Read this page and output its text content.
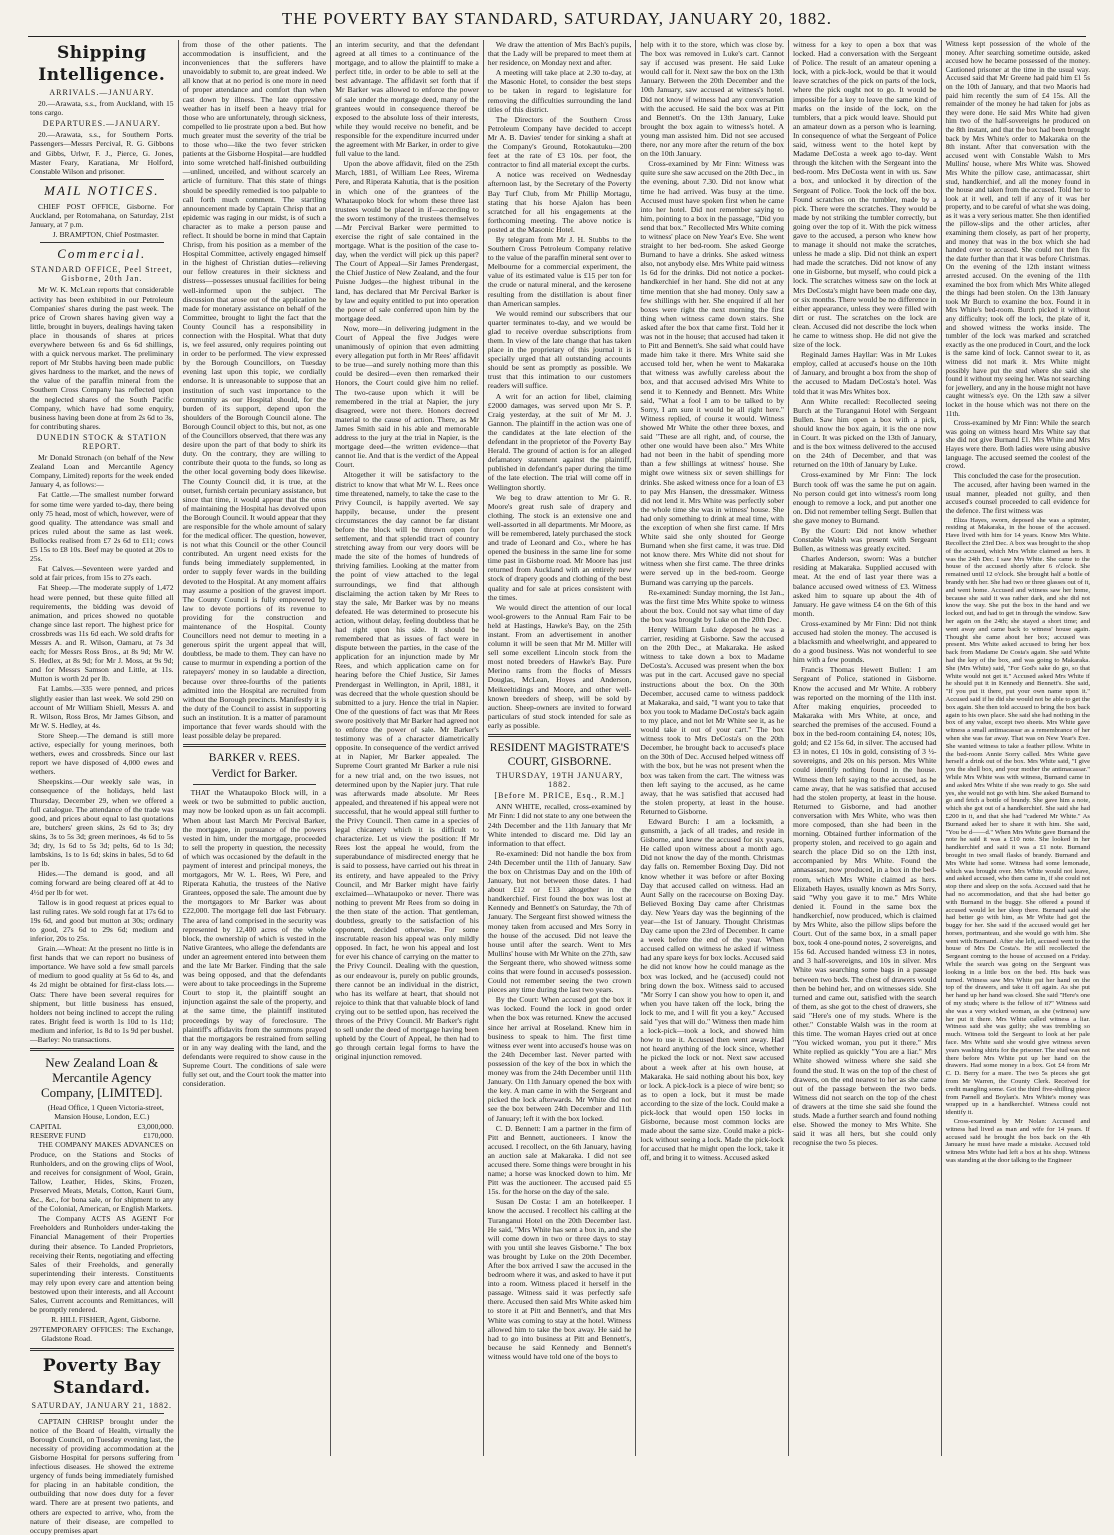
THE POVERTY BAY STANDARD, SATURDAY, JANUARY 20, 1882.
Shipping Intelligence.
ARRIVALS.—JANUARY.

20.—Arawata, s.s., from Auckland, with 15 tons cargo.

DEPARTURES.—JANUARY.

20.—Arawata, s.s., for Southern Ports. Passengers—Messrs Percival, R. G. Gibbons and Gibbs, Urlwr, F. J., Pierce, G. Jones, Master Feary, Karatiana, Mr Holford, Constable Wilson and prisoner.

MAIL NOTICES.

CHIEF POST OFFICE, Gisborne. For Auckland, per Rotomahana, on Saturday, 21st January, at 7 p.m.

J. BRAMPTON, Chief Postmaster.

Commercial.
STANDARD OFFICE, Peel Street, Gisborne, 20th Jan.

Mr W. K. McLean reports that considerable activity has been exhibited in our Petroleum Companies' shares during the past week. The price of Crown shares having given way a little, brought in buyers, dealings having taken place in thousands of shares at prices everywhere between 6s and 6s 6d shillings, with a quick nervous market. The preliminary report of Mr Stubbs having been made public gives hardness to the market, and the news of the value of the paraffin mineral from the Southern Cross Company has reflected upon the neglected shares of the South Pacific Company, which have had some enquiry, business having been done at from 2s 6d to 3s, for contributing shares.

DUNEDIN STOCK & STATION REPORT.

Mr Donald Stronach (on behalf of the New Zealand Loan and Mercantile Agency Company, Limited) reports for the week ended January 4, as follows:—

Fat Cattle.—The smallest number forward for some time were yarded to-day, there being only 75 head, most of which, however, were of good quality. The attendance was small and prices ruled about the same as last week. Bullocks realised from £7 2s 6d to £11; cows £5 15s to £8 10s. Beef may be quoted at 20s to 25s.

Fat Calves.—Seventeen were yarded and sold at fair prices, from 15s to 27s each.

Fat Sheep.—The moderate supply of 1,472 head were penned, but these quite filled all requirements, the bidding was devoid of animation, and prices showed no quotable change since last report. The highest price for crossbreds was 11s 6d each. We sold drafts for Messrs A. and R. Wilson, Oamaru, at 7s 3d each; for Messrs Ross Bros., at 8s 9d; Mr W. S. Hedlex, at 8s 9d; for Mr J. Moss, at 9s 9d; and for Messrs Samson and Little, at 11s. Mutton is worth 2d per lb.

Fat Lambs.—335 were penned, and prices slightly easier than last week. We sold 290 on account of Mr William Shiell, Messrs A. and R. Wilson, Ross Bros, Mr James Gibson, and Mr W. S. Hedley, at 4s.

Store Sheep.—The demand is still more active, especially for young merinoes, both wethers, ewes and crossbreds. Since our last report we have disposed of 4,000 ewes and wethers.

Sheepskins.—Our weekly sale was, in consequence of the holidays, held last Thursday, December 29, when we offered a full catalogue. The attendance of the trade was good, and prices about equal to last quotations are, butchers' green skins, 2s 6d to 3s; dry skins, 3s to 5s 3d; green merinoes, 4s 6d to 5s 3d; dry, 1s 6d to 5s 3d; pelts, 6d to 1s 3d; lambskins, 1s to 1s 6d; skins in bales, 5d to 6d per lb.

Hides.—The demand is good, and all coming forward are being cleared off at 4d to 4½d per lb for wet.

Tallow is in good request at prices equal to last ruling rates. We sold rough fat at 17s 6d to 19s 6d, and good but mutton at 30s; ordinary to good, 27s 6d to 29s 6d; medium and inferior, 20s to 25s.

Grain.—Wheat: At the present no little is in first hands that we can report no business of importance. We have sold a few small parcels of medium to good quality at 5s 6d to 4s, and 4s 2d might be obtained for first-class lots.—Oats: There have been several requires for shipment, but little business has ensued, holders not being inclined to accept the ruling rates. Bright feed is worth 1s 10d to 1s 11d; medium and inferior, 1s 8d to 1s 9d per bushel.—Barley: No transactions.

New Zealand Loan & Mercantile Agency Company, [LIMITED].

(Head Office, 1 Queen Victoria-street, Mansion House, London, E.C.)

CAPITAL	£3,000,000.
RESERVE FUND	£170,000.

THE COMPANY MAKES ADVANCES on Produce, on the Stations and Stocks of Runholders, and on the growing clips of Wool, and receives for consignment of Wool, Grain, Tallow, Leather, Hides, Skins, Frozen, Preserved Meats, Metals, Cotton, Kauri Gum, &c., &c., for bona sale, or for shipment to any of the Colonial, American, or English Markets.

The Company ACTS AS AGENT For Freeholders and Runholders under-taking the Financial Management of their Properties during their absence. To Landed Proprietors, receiving their Rents, negotiating and effecting Sales of their Freeholds, and generally superintending their interests. Constituents may rely upon every care and attention being bestowed upon their interests, and all Account Sales, Current accounts and Remittances, will be promptly rendered.

R. HILL FISHER, Agent, Gisborne.

297 TEMPORARY OFFICES: The Exchange, Gladstone Road.
Poverty Bay Standard.
SATURDAY, JANUARY 21, 1882.

CAPTAIN CHRISP brought under the notice of the Board of Health, virtually the Borough Council, on Tuesday evening last, the necessity of providing accommodation at the Gisborne Hospital for persons suffering from infectious diseases. He showed the extreme urgency of funds being immediately furnished for placing in an habitable condition, the outbuilding that now does duty for a fever ward. There are at present two patients, and others are expected to arrive, who, from the nature of their disease, are compelled to occupy premises apart

from those of the other patients. The accommodation is insufficient, and the inconveniences that the sufferers have unavoidably to submit to, are great indeed. We all know that at no period is one more in need of proper attendance and comfort than when cast down by illness. The late oppressive weather has in itself been a heavy trial for those who are unfortunately, through sickness, compelled to lie prostrate upon a bed. But how much greater must the severity of the trial be to those who—like the two fever stricken patients at the Gisborne Hospital—are huddled into some wretched half-finished outbuilding—unlined, unceiled, and without scarcely an article of furniture. That this state of things should be speedily remedied is too palpable to call forth much comment. The startling announcement made by Captain Chrisp that an epidemic was raging in our midst, is of such a character as to make a person pause and reflect. It should be borne in mind that Captain Chrisp, from his position as a member of the Hospital Committee, actively engaged himself in the highest of Christian duties—relieving our fellow creatures in their sickness and distress—possesses unusual facilities for being well-informed upon the subject. The discussion that arose out of the application he made for monetary assistance on behalf of the Committee, brought to light the fact that the County Council has a responsibility in connection with the Hospital. What that duty is, we feel assured, only requires pointing out in order to be performed. The view expressed by the Borough Councillors, on Tuesday evening last upon this topic, we cordially endorse. It is unreasonable to suppose that an institution of such vast importance to the community as our Hospital should, for the burden of its support, depend upon the shoulders of the Borough Council alone. The Borough Council object to this, but not, as one of the Councillors observed, that there was any desire upon the part of that body to shirk its duty. On the contrary, they are willing to contribute their quota to the funds, so long as the other local governing body does likewise. The County Council did, it is true, at the outset, furnish certain pecuniary assistance, but since that time, it would appear that the onus of maintaining the Hospital has devolved upon the Borough Council. It would appear that they are responsible for the whole amount of salary for the medical officer. The question, however, is not what this Council or the other Council contributed. An urgent need exists for the funds being immediately supplemented, in order to supply fever wards in the building devoted to the Hospital. At any moment affairs may assume a position of the gravest import. The County Council is fully empowered by law to devote portions of its revenue to providing for the construction and maintenance of the Hospital. County Councillors need not demur to meeting in a generous spirit the urgent appeal that will, doubtless, be made to them. They can have no cause to murmur in expending a portion of the ratepayers' money in so laudable a direction, because over three-fourths of the patients admitted into the Hospital are recruited from without the Borough precincts. Manifestly it is the duty of the Council to assist in supporting such an institution. It is a matter of paramount importance that fever wards should with the least possible delay be prepared.

BARKER v. REES.
Verdict for Barker.

THAT the Whataupoko Block will, in a week or two be submitted to public auction, may now be looked upon as un fait accompli. When about last March Mr Percival Barker, the mortgagee, in pursuance of the powers vested in him, under the mortgage, proceeded to sell the property in question, the necessity of which was occasioned by the default in the payment of interest and principal moneys, the mortgagors, Mr W. L. Rees, Wi Pere, and Riperata Kahutia, the trustees of the Native Grantees, opposed the sale. The amount due by the mortgagors to Mr Barker was about £22,000. The mortgage fell due last February. The area of land comprised in the security was represented by 12,400 acres of the whole block, the ownership of which is vested in the Native Grantees, who allege the defendants are under an agreement entered into between them and the late Mr Barker. Finding that the sale was being opposed, and that the defendants were about to take proceedings in the Supreme Court to stop it, the plaintiff sought an injunction against the sale of the property, and at the same time, the plaintiff instituted proceedings by way of foreclosure. The plaintiff's affidavits from the summons prayed that the mortgagors be restrained from selling or in any way dealing with the land, and the defendants were required to show cause in the Supreme Court. The conditions of sale were fully set out, and the Court took the matter into consideration.

an interim security, and that the defendant agreed at all times to a continuance of the mortgage, and to allow the plaintiff to make a perfect title, in order to be able to sell at the best advantage. The affidavit set forth that if Mr Barker was allowed to enforce the power of sale under the mortgage deed, many of the grantees would in consequence thereof be exposed to the absolute loss of their interests, while they would receive no benefit, and be responsible for the expenditure incurred under the agreement with Mr Barker, in order to give full value to the land.

Upon the above affidavit, filed on the 25th March, 1881, of William Lee Rees, Wirema Pere, and Riperata Kahutia, that is the position in which one of the grantees of the Whataupoko block for whom these three last trustees would be placed in if—according to the sworn testimony of the trustees themselves—Mr Percival Barker were permitted to exercise the right of sale contained in the mortgage. What is the position of the case to-day, when the verdict will pick up this paper? The Court of Appeal—Sir James Prendergast, the Chief Justice of New Zealand, and the four Puisne Judges—the highest tribunal in the land, has declared that Mr Percival Barker is by law and equity entitled to put into operation the power of sale conferred upon him by the mortgage deed.

Now, more—in delivering judgment in the Court of Appeal the five Judges were unanimously of opinion that even admitting every allegation put forth in Mr Rees' affidavit to be true—and surely nothing more than this could be desired—even then remarked their Honors, the Court could give him no relief. The two-cause upon which it will be remembered in the trial at Napier, the jury disagreed, were not there. Honors decreed material to the cause of action. There, as Mr James Smith said in his able and memorable address to the jury at the trial in Napier, is the mortgage deed—the written evidence—that cannot lie. And that is the verdict of the Appeal Court.

Altogether it will be satisfactory to the district to know that what Mr W. L. Rees once time threatened, namely, to take the case to the Privy Council, is happily averted. We say happily, because, under the present circumstances the day cannot be far distant before the block will be thrown open for settlement, and that splendid tract of country stretching away from our very doors will be made the site of the homes of hundreds of thriving families. Looking at the matter from the point of view attached to the legal surroundings, we find that although disclaiming the action taken by Mr Rees to stay the sale, Mr Barker was by no means defeated. He was determined to prosecute his action, without delay, feeling doubtless that he had right upon his side. It should be remembered that as issues of fact were in dispute between the parties, in the case of the application for an injunction made by Mr Rees, and which application came on for hearing before the Chief Justice, Sir James Prendergast in Wellington, in April, 1881, it was decreed that the whole question should be submitted to a jury. Hence the trial in Napier. One of the questions of fact was that Mr Rees swore positively that Mr Barker had agreed not to enforce the power of sale. Mr Barker's testimony was of a character diametrically opposite. In consequence of the verdict arrived at in Napier, Mr Barker appealed. The Supreme Court granted Mr Barker a rule nisi for a new trial and, on the two issues, not determined upon by the Napier jury. That rule was afterwards made absolute. Mr Rees appealed, and threatened if his appeal were not successful, that he would appeal still further to the Privy Council. Then came in a species of legal chicanery which it is difficult to characterize. Let us view the position: If Mr Rees lost the appeal he would, from the superabundance of misdirected energy that he is said to possess, have carried out his threat in its entirety, and have appealed to the Privy Council, and Mr Barker might have fairly exclaimed—Whataupoko or never. There was nothing to prevent Mr Rees from so doing in the then state of the action. That gentleman, doubtless, greatly to the satisfaction of his opponent, decided otherwise. For some inscrutable reason his appeal was only mildly opposed. In fact, he won his appeal and lost for ever his chance of carrying on the matter to the Privy Council. Dealing with the question, as our endeavour is, purely on public grounds, there cannot be an individual in the district, who has its welfare at heart, that should not rejoice to think that that valuable block of land crying out to be settled upon, has received the throes of the Privy Council. Mr Barker's right to sell under the deed of mortgage having been upheld by the Court of Appeal, he then had to go through certain legal forms to have the original injunction removed.

We draw the attention of Mrs Bach's pupils, that the Lady will be prepared to meet them at her residence, on Monday next and after.

A meeting will take place at 2.30 to-day, at the Masonic Hotel, to consider the best steps to be taken in regard to legislature for removing the difficulties surrounding the land titles of this district.

The Directors of the Southern Cross Petroleum Company have decided to accept Mr A. B. Davies' tender for sinking a shaft at the Company's Ground, Rotokautuku—200 feet at the rate of £3 10s. per foot, the contractor to find all material except the curbs.

A notice was received on Wednesday afternoon last, by the Secretary of the Poverty Bay Turf Club, from Mr Phillip Mortagu, stating that his horse Ajalon has been scratched for all his engagements at the forthcoming meeting. The above notice is posted at the Masonic Hotel.

By telegram from Mr J. H. Stubbs to the Southern Cross Petroleum Company relative to the value of the paraffin mineral sent over to Melbourne for a commercial experiment, the value of its estimated value is £15 per ton for the crude or natural mineral, and the kerosene resulting from the distillation is about finer than American samples.

We would remind our subscribers that our quarter terminates to-day, and we would be glad to receive overdue subscriptions from them. In view of the late change that has taken place in the proprietary of this journal it is specially urged that all outstanding accounts should be sent as promptly as possible. We trust that this intimation to our customers readers will suffice.

A writ for an action for libel, claiming £2000 damages, was served upon Mr S. P. Craig yesterday, at the suit of Mr M. J. Gannon. The plaintiff in the action was one of the candidates at the late election of the defendant in the proprietor of the Poverty Bay Herald. The ground of action is for an alleged defamatory statement against the plaintiff, published in defendant's paper during the time of the late election. The trial will come off in Wellington shortly.

We beg to draw attention to Mr G. R. Moore's great rush sale of drapery and clothing. The stock is an extensive one and well-assorted in all departments. Mr Moore, as will be remembered, lately purchased the stock and trade of Leonard and Co., where he has opened the business in the same line for some time past in Gisborne road. Mr Moore has just returned from Auckland with an entirely new stock of drapery goods and clothing of the best quality and for sale at prices consistent with the times.

We would direct the attention of our local wool-growers to the Annual Ram Fair to be held at Hastings, Hawke's Bay, on the 25th instant. From an advertisement in another column it will be seen that Mr M. Miller will sell some excellent Lincoln stock from the most noted breeders of Hawke's Bay. Pure Merino rams from the flocks of Messrs Douglas, McLean, Hoyes and Anderson, Meikeeltidings and Moore, and other well-known breeders of sheep, will be sold by auction. Sheep-owners are invited to forward particulars of stud stock intended for sale as early as possible.

RESIDENT MAGISTRATE'S COURT, GISBORNE.
THURSDAY, 19TH JANUARY, 1882.
[Before M. PRICE, Esq., R.M.]

ANN WHITE, recalled, cross-examined by Mr Finn: I did not state to any one between the 24th December and the 11th January that Mr White intended to discard me. Did lay an information to that effect.

Re-examined: Did not handle the box from 24th December until the 11th of January. Saw the box on Christmas Day and on the 10th of January, but not between those dates. I had about £12 or £13 altogether in the handkerchief. First found the box was lost at Kennedy and Bennett's on Saturday, the 7th of January. The Sergeant first showed witness the money taken from accused and Mrs Sorry in the house of the accused. Did not leave the house until after the search. Went to Mrs Mullins' house with Mr White on the 27th, saw the Sergeant there, who showed witness some coins that were found in accused's possession. Could not remember seeing the two crown pieces any time during the last two years.

By the Court: When accused got the box it was locked. Found the lock in good order when the box was returned. Knew the accused since her arrival at Roseland. Knew him in business to speak to him. The first time witness ever went into accused's house was on the 24th December last. Never parted with possession of the key of the box in which the money was from the 24th December until 11th January. On 11th January opened the box with the key. A man came in with the Sergeant and picked the lock afterwards. Mr White did not see the box between 24th December and 11th of January; left it with the box locked.

C. D. Bennett: I am a partner in the firm of Pitt and Bennett, auctioneers. I know the accused. I recollect, on the 6th January, having an auction sale at Makaraka. I did not see accused there. Some things were brought in his name; a horse was knocked down to him. Mr Pitt was the auctioneer. The accused paid £5 15s. for the horse on the day of the sale.

Susan De Costa: I am an hotelkeeper. I know the accused. I recollect his calling at the Turanganui Hotel on the 20th December last. He said, "Mrs White has sent a box in, and she will come down in two or three days to stay with you until she leaves Gisborne." The box was brought by Luke on the 20th December. After the box arrived I saw the accused in the bedroom where it was, and asked to have it put into a room. Witness placed it herself in the passage. Witness said it was perfectly safe there. Accused then said Mrs White asked him to store it at Pitt and Bennett's, and that Mrs White was coming to stay at the hotel. Witness allowed him to take the box away. He said he had to go into business at Pitt and Bennett's, because he said Kennedy and Bennett's witness would have told one of the boys to

help with it to the store, which was close by. The box was removed in Luke's cart. Cannot say if accused was present. He said Luke would call for it. Next saw the box on the 13th January. Between the 20th December and the 10th January, saw accused at witness's hotel. Did not know if witness had any conversation with the accused. He said the box was at Pitt and Bennett's. On the 13th January, Luke brought the box again to witness's hotel. A young man assisted him. Did not see accused there, nor any more after the return of the box on the 10th January.

Cross-examined by Mr Finn: Witness was quite sure she saw accused on the 20th Dec., in the evening, about 7.30. Did not know what time he had arrived. Was busy at the time. Accused must have spoken first when he came into her hotel. Did not remember saying to him, pointing to a box in the passage, "Did you send that box." Recollected Mrs White coming to witness' place on New Year's Eve. She went straight to her bed-room. She asked George Burnand to have a drinks. She asked witness also, not anybody else. Mrs White paid witness 1s 6d for the drinks. Did not notice a pocket-handkerchief in her hand. She did not at any time mention that she had money. Only saw a few shillings with her. She enquired if all her boxes were right the next morning the first thing when witness came down stairs. She asked after the box that came first. Told her it was not in the house; that accused had taken it to Pitt and Bennett's. She said what could have made him take it there. Mrs White said she accused told her, when he went to Makaraka that witness was awfully careless about the box, and that accused advised Mrs White to send it to Kennedy and Bennett. Mrs White said, "What a fool I am to be talked to by Sorry, I am sure it would be all right here." Witness replied, of course it would. Witness showed Mr White the other three boxes, and said "These are all right, and, of course, the other one would have been also." Mrs White had not been in the habit of spending more than a few shillings at witness' house. She might owe witness six or seven shillings for drinks. She asked witness once for a loan of £3 to pay Mrs Hansen, the dressmaker. Witness did not lend it. Mrs White was perfectly sober the whole time she was in witness' house. She had only something to drink at meal time, with the exception of when she first came. If Mrs White said she only shouted for George Burnand when she first came, it was true. Did not know there. Mrs White did not shout for witness when she first came. The three drinks were served up in the bed-room. George Burnand was carrying up the parcels.

Re-examined: Sunday morning, the 1st Jan., was the first time Mrs White spoke to witness about the box. Could not say what time of day the box was brought by Luke on the 20th Dec.

Henry William Luke deposed he was a carrier, residing at Gisborne. Saw the accused on the 20th Dec., at Makaraka. He asked witness to take down a box to Madame DeCosta's. Accused was present when the box was put in the cart. Accused gave no special instructions about the box. On the 30th December, accused came to witness paddock at Makaraka, and said, "I want you to take that box you took to Madame DeCosta's back again to my place, and not let Mr White see it, as he would take it out of your cart." The box witness took to Mrs DeCosta's on the 20th December, he brought back to accused's place on the 30th of Dec. Accused helped witness off with the box, but he was not present when the box was taken from the cart. The witness was then left saying to the accused, as he came away, that he was satisfied that accused had the stolen property, at least in the house. Returned to Gisborne.

Edward Burch: I am a locksmith, a gunsmith, a jack of all trades, and reside in Gisborne, and knew the accused for six years, He called upon witness about a month ago. Did not know the day of the month. Christmas day falls on. Remember Boxing Day. Did not know whether it was before or after Boxing Day that accused called on witness. Had an Aunt Sally on the racecourse on Boxing Day. Believed Boxing Day came after Christmas day. New Years day was the beginning of the year—the 1st of January. Thought Christmas Day came upon the 23rd of December. It came a week before the end of the year. When accused called on witness he asked if witness had any spare keys for box locks. Accused said he did not know how he could manage as the box was locked, and he (accused) could not bring down the box. Witness said to accused "Mr Sorry I can show you how to open it, and when you have taken off the lock, bring the lock to me, and I will fit you a key." Accused said "yes that will do." Witness then made him a lock-pick—took a lock, and showed him how to use it. Accused then went away. Had not heard anything of the lock since, whether he picked the lock or not. Next saw accused about a week after at his own house, at Makaraka. He said nothing about his box, key or lock. A pick-lock is a piece of wire bent; so as to open a lock, but it must be made according to the size of the lock. Could make a pick-lock that would open 150 locks in Gisborne, because most common locks are made about the same size. Could make a pick-lock without seeing a lock. Made the pick-lock for accused that he might open the lock, take it off, and bring it to witness. Accused asked

witness for a key to open a box that was locked. Had a conversation with the Sergeant of Police. The result of an amateur opening a lock, with a pick-lock, would be that it would leave scratches of the pick on parts of the lock, where the pick ought not to go. It would be impossible for a key to leave the same kind of marks on the inside of the lock, on the tumblers, that a pick would leave. Should put an amateur down as a person who is learning. In consequence of what the Sergeant of Police said, witness went to the hotel kept by Madame DeCosta a week ago to-day. Went through the kitchen with the Sergeant into the bed-room. Mrs DeCosta went in with us. Saw a box, and unlocked it by direction of the Sergeant of Police. Took the lock off the box. Found scratches on the tumbler, made by a pick. There were the scratches. They would be made by not striking the tumbler correctly, but going over the top of it. With the pick witness gave to the accused, a person who knew how to manage it should not make the scratches, unless he made a slip. Did not think an expert had made the scratches. Did not know of any one in Gisborne, but myself, who could pick a lock. The scratches witness saw on the lock at Mrs DeCosta's might have been made one day, or six months. There would be no difference in either appearance, unless they were filled with dirt or rust. The scratches on the lock are clean. Accused did not describe the lock when he came to witness shop. He did not give the size of the lock.

Reginald James Hayllar: Was in Mr Lukes employ, called at accused's house on the 10th of January, and brought a box from the shop of the accused to Madam DeCosta's hotel. Was told that it was Mrs Whites box.

Ann White recalled: Recollected seeing Burch at the Turanganui Hotel with Sergeant Bullen. Saw him open a box with a pick, should know the box again, it is the one now in Court. It was picked on the 13th of January, and is the box witness delivered to the accused on the 24th of December, and that was returned on the 10th of January by Luke.

Cross-examined by Mr Finn: The lock Burch took off was the same he put on again. No person could get into witness's room long enough to remove a lock, and put another one on. Did not remember telling Sergt. Bullen that she gave money to Burnand.

By the Court: Did not know whether Constable Walsh was present with Sergeant Bullen, as witness was greatly excited.

Charles Anderson, sworn: Was a butcher residing at Makaraka. Supplied accused with meat. At the end of last year there was a balance accused owed witness of £3. Witness asked him to square up about the 4th of January. He gave witness £4 on the 6th of this month.

Cross-examined by Mr Finn: Did not think accused had stolen the money. The accused is a blacksmith and wheelwright, and appeared to do a good business. Was not wonderful to see him with a few pounds.

Francis Thomas Hewett Bullen: I am Sergeant of Police, stationed in Gisborne. Know the accused and Mr White. A robbery was reported on the morning of the 11th inst. After making enquiries, proceeded to Makaraka with Mrs White, at once, and searched the premises of the accused. Found a box in the bed-room containing £4, notes; 10s, gold; and £2 15s 6d, in silver. The accused had £3 in notes, £1 10s in gold, consisting of 3 ½-sovereigns, and 20s on his person. Mrs White could identify nothing found in the house. Witness then left saying to the accused, as he came away, that he was satisfied that accused had the stolen property, at least in the house. Returned to Gisborne, and had another conversation with Mrs White, who was then more composed, than she had been in the morning. Obtained further information of the property stolen, and received to go again and search the place Did so on the 12th inst, accompanied by Mrs White. Found the annasassar, now produced, in a box in the bed-room, which Mrs White claimed as hers. Elizabeth Hayes, usually known as Mrs Sorry, said "Why you gave it to me." Mrs White denied it. Found in the same box the handkerchief, now produced, which is claimed by Mrs White, also the pillow slips before the Court. Out of the same box, in a small paper box, took 4 one-pound notes, 2 sovereigns, and 15s 6d. Accused handed witness £3 in notes, and 3 half-sovereigns, and 10s in silver. Mrs White was searching some bags in a passage between two beds. The chest of drawers would then be behind her, and on witnesses side. She turned and came out, satisfied with the search of them, as she got to the chest of drawers, she said "Here's one of my studs. Where is the other." Constable Walsh was in the room at this time. The woman Hayes cried out at once "You wicked woman, you put it there." Mrs White replied as quickly "You are a liar." Mrs White showed witness where she said she found the stud. It was on the top of the chest of drawers, on the end nearest to her as she came out of the passage between the two beds. Witness did not search on the top of the chest of drawers at the time she said she found the studs. Made a further search and found nothing else. Showed the money to Mrs White. She said it was all hers, but she could only recognise the two 5s pieces.

Witness kept possession of the whole of the money. After searching sometime outside, asked accused how he became possessed of the money. Cautioned prisoner at the time in the usual way. Accused said that Mr Greene had paid him £1 5s on the 10th of January, and that two Maoris had paid him recently the sum of £4 15s. All the remainder of the money he had taken for jobs as they were done. He said Mrs White had given him two of the half-sovereigns he produced on the 8th instant, and that the box had been brought back by Mrs White's order to Makaraka on the 8th instant. After that conversation with the accused went with Constable Walsh to Mrs Mullins' house, where Mrs White was. Showed Mrs White the pillow case, antimacassar, shirt stud, handkerchief, and all the money found in the house and taken from the accused. Told her to look at it well, and tell if any of it was her property, and to be careful of what she was doing, as it was a very serious matter. She then identified the pillow-slips and the other articles, after examining them closely, as part of her property, and money that was in the box which she had handed over to accused. She could not then fix the date further than that it was before Christmas. On the evening of the 12th instant witness arrested accused. On the evening of the 11th examined the box from which Mrs White alleged the things had been stolen. On the 13th January took Mr Burch to examine the box. Found it in Mrs White's bed-room. Burch picked it without any difficulty; took off the lock, the plate of it, and showed witness the works inside. The tumbler of the lock was marked and scratched exactly as the one produced in Court, and the lock is the same kind of lock. Cannot swear to it, as witness did not mark it. Mrs White might possibly have put the stud where she said she found it without my seeing her. Was not searching for jewellery, and any in the house might not have caught witness's eye. On the 12th saw a silver locket in the house which was not there on the 11th.

Cross-examined by Mr Finn: While the search was going on witness heard Mrs White say that she did not give Burnand £1. Mrs White and Mrs Hayes were there. Both ladies were using abusive language. The accused seemed the coolest of the crowd.

This concluded the case for the prosecution.

The accused, after having been warned in the usual manner, pleaded not guilty, and then accused's counsel proceeded to call evidence for the defence. The first witness was

Eliza Hayes, sworn, deposed she was a spinster, residing at Makaraka, in the house of the accused. Have lived with him for 14 years. Know Mrs White. Recollect the 23rd Dec. A box was brought to the shop of the accused, which Mrs White claimed as hers. It was the 24th Dec. I saw Mrs White. She came to the house of the accused shortly after 6 o'clock. She remained until 12 o'clock. She brought half a bottle of brandy with her. She had two or three glasses out of it, and went home. Accused and witness saw her home, because she said it was rather dark, and she did not know the way. She put the box in the hand and we locked out, and had to get in through the window. Saw her again on the 24th; she stayed a short time; and went away and came back to witness' house again. Thought she came about her box; accused was present. Mrs White asked accused to bring her box back from Madame De Costa's again. She said White had the key of the box, and was going to Makaraka. She (Mrs White) said, "For God's sake do go, so that White would not get it." Accused asked Mrs White if he should put it in Kennedy and Bennett's. She said, "If you put it there, put your own name upon it." Accused said if he did she would not be able to get the box again. She then told accused to bring the box back again to his own place. She said she had nothing in the box of any value, except two sheets. Mrs White gave witness a small antimacassar as a remembrance of her when she was far away. That was on New Year's Eve. She wanted witness to take a feather pillow. White in the bed-room Annie Sorry called. Mrs White gave herself a drink out of the box. Mrs White said, "I give you the shell box, and your mother the antimacassar." While Mrs White was with witness, Burnand came in and asked Mrs White if she was ready to go. She said yes, she would not go with him. She asked Burnand to go and fetch a bottle of brandy. She gave him a note, which she got out of a handkerchief. She said she had £200 in it, and that she had "cadered Mr White." As Burnand asked her to share it with him. She said, "You be d——d." When Mrs White gave Burnand the note he said it was a £10 note. She looked in her handkerchief and said it was a £1 note. Burnand brought in two small flasks of brandy. Burnand and Mrs White had some. Witness had some lemonade, which was brought over. Mrs White would not leave, and asked accused, who then came in, if she could not stop there and sleep on the sofa. Accused said that he had no accommodation, and that she had better go with Burnand in the buggy. She offered a pound if accused would let her sleep there. Burnand said she had better go with him, as Mr White had got the buggy for her. She said if the accused would get her horses, portmanteau, and she would go with him. She went with Burnand. After she left, accused went to the house of Mrs De Costa's. He still recollected the Sergeant coming to the house of accused on a Friday. While the search was going on the Sergeant was looking in a little box on the bed. His back was turned. Witness saw Mrs White put her hand on the top of the drawers, and take it off again. As she put her hand up her hand was closed. She said "Here's one of my studs; where is the fellow of it?" Witness said she was a very wicked woman, as she (witness) saw her put it there. Mrs White called witness a liar. Witness said she was guilty; she was trembling so much. Witness told the Sergeant to look at her pale face. Mrs White said she would give witness seven years washing shirts for the prisoner. The stud was not there before Mrs White put up her hand on the drawers. Had some money in a box. Got £4 from Mr C. D. Berry for a mare. The two 5s pieces she got from Mr Warren, the County Clerk. Received for credit mangling some. Got the third five-shilling piece from Parnell and Boylan's. Mrs White's money was wrapped up in a handkerchief. Witness could not identify it.

Cross-examined by Mr Nolan: Accused and witness had lived as man and wife for 14 years. If accused said he brought the box back on the 4th January he must have made a mistake. Accused told witness Mrs White had left a box at his shop. Witness was standing at the door talking to the Engineer
